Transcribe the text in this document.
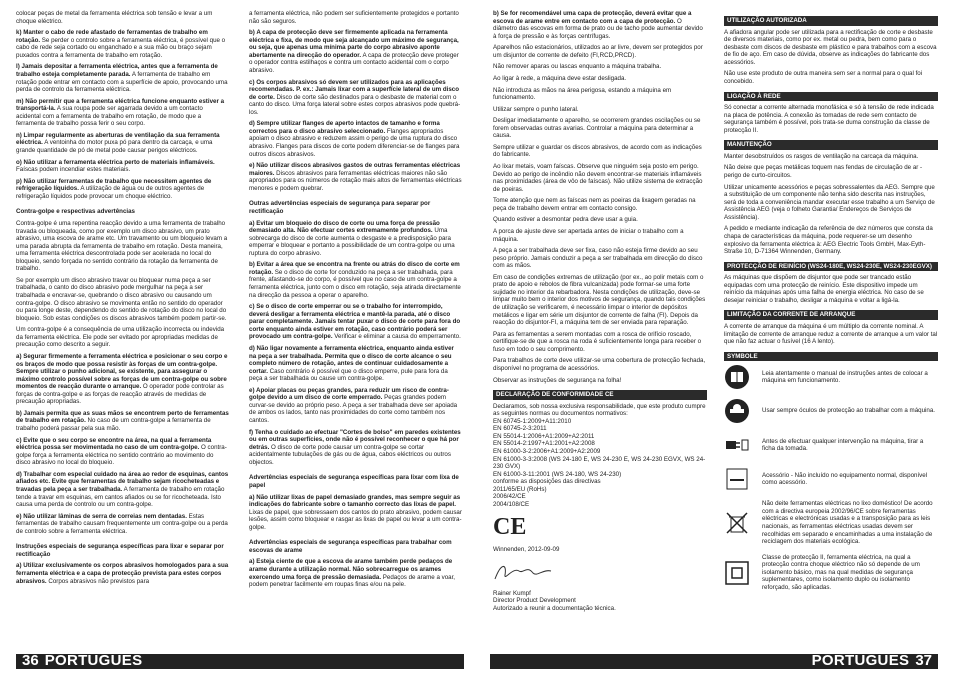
colocar peças de metal da ferramenta eléctrica sob tensão e levar a um choque eléctrico.
k) Manter o cabo de rede afastado de ferramentas de trabalho em rotação. Se perder o controlo sobre a ferramenta eléctrica, é possível que o cabo de rede seja cortado ou enganchado e a sua mão ou braço sejam puxados contra a ferramenta de trabalho em rotação.
l) Jamais depositar a ferramenta eléctrica, antes que a ferramenta de trabalho esteja completamente parada. A ferramenta de trabalho em rotação pode entrar em contacto com a superfície de apoio, provocando uma perda de controlo da ferramenta eléctrica.
m) Não permitir que a ferramenta eléctrica funcione enquanto estiver a transportá-la. A sua roupa pode ser agarrada devido a um contacto acidental com a ferramenta de trabalho em rotação, de modo que a ferramenta de trabalho possa ferir o seu corpo.
n) Limpar regularmente as aberturas de ventilação da sua ferramenta eléctrica. A ventoinha do motor puxa pó para dentro da carcaça, e uma grande quantidade de pó de metal pode causar perigos eléctricos.
o) Não utilizar a ferramenta eléctrica perto de materiais inflamáveis. Faíscas podem incendiar estes materiais.
p) Não utilizar ferramentas de trabalho que necessitem agentes de refrigeração líquidos. A utilização de água ou de outros agentes de refrigeração líquidos pode provocar um choque eléctrico.
Contra-golpe e respectivas advertências
Contra-golpe é uma repentina reacção devido a uma ferramenta de trabalho travada ou bloqueada, como por exemplo um disco abrasivo, um prato abrasivo, uma escova de arame etc. Um travamento ou um bloqueio levam a uma parada abrupta da ferramenta de trabalho em rotação. Desta maneira, uma ferramenta eléctrica descontrolada pode ser acelerada no local do bloqueio, sendo forçada no sentido contrário da rotação da ferramenta de trabalho.
Se por exemplo um disco abrasivo travar ou bloquear numa peça a ser trabalhada, o canto do disco abrasivo pode mergulhar na peça a ser trabalhada e encravar-se, quebrando o disco abrasivo ou causando um contra-golpe. O disco abrasivo se movimenta então no sentido do operador ou para longe deste, dependendo do sentido de rotação do disco no local do bloqueio. Sob estas condições os discos abrasivos também podem partir-se.
Um contra-golpe é a consequência de uma utilização incorrecta ou indevida da ferramenta eléctrica. Ele pode ser evitado por apropriadas medidas de precaução como descrito a seguir.
a) Segurar firmemente a ferramenta eléctrica e posicionar o seu corpo e os braços de modo que possa resistir às forças de um contra-golpe. Sempre utilizar o punho adicional, se existente, para assegurar o máximo controlo possível sobre as forças de um contra-golpe ou sobre momentos de reacção durante o arranque. O operador pode controlar as forças de contra-golpe e as forças de reacção através de medidas de precaução apropriadas.
b) Jamais permita que as suas mãos se encontrem perto de ferramentas de trabalho em rotação. No caso de um contra-golpe a ferramenta de trabalho poderá passar pela sua mão.
c) Evite que o seu corpo se encontre na área, na qual a ferramenta eléctrica possa ser movimentada no caso de um contra-golpe. O contra-golpe força a ferramenta eléctrica no sentido contrário ao movimento do disco abrasivo no local do bloqueio.
d) Trabalhar com especial cuidado na área ao redor de esquinas, cantos afiados etc. Evite que ferramentas de trabalho sejam ricocheteadas e travadas pela peça a ser trabalhada. A ferramenta de trabalho em rotação tende a travar em esquinas, em cantos afiados ou se for ricocheteada. Isto causa uma perda de controlo ou um contra-golpe.
e) Não utilizar lâminas de serra de correias nem dentadas. Estas ferramentas de trabalho causam frequentemente um contra-golpe ou a perda de controlo sobre a ferramenta eléctrica.
Instruções especiais de segurança específicas para lixar e separar por rectificação
a) Utilizar exclusivamente os corpos abrasivos homologados para a sua ferramenta eléctrica e a capa de protecção prevista para estes corpos abrasivos. Corpos abrasivos não previstos para
a ferramenta eléctrica, não podem ser suficientemente protegidos e portanto não são seguros.
b) A capa de protecção deve ser firmemente aplicada na ferramenta eléctrica e fixa, de modo que seja alcançado um máximo de segurança, ou seja, que apenas uma mínima parte do corpo abrasivo aponte abertamente na direcção do operador. A capa de protecção deve proteger o operador contra estilhaços e contra um contacto acidental com o corpo abrasivo.
c) Os corpos abrasivos só devem ser utilizados para as aplicações recomendadas. P. ex.: Jamais lixar com a superfície lateral de um disco de corte. Disco de corte são destinados para o desbaste de material com o canto do disco. Uma força lateral sobre estes corpos abrasivos pode quebrá-los.
d) Sempre utilizar flanges de aperto intactos de tamanho e forma correctos para o disco abrasivo seleccionado. Flanges apropriados apoiam o disco abrasivo e reduzem assim o perigo de uma ruptura do disco abrasivo. Flanges para discos de corte podem diferenciar-se de flanges para outros discos abrasivos.
e) Não utilizar discos abrasivos gastos de outras ferramentas eléctricas maiores. Discos abrasivos para ferramentas eléctricas maiores não são apropriados para os números de rotação mais altos de ferramentas eléctricas menores e podem quebrar.
Outras advertências especiais de segurança para separar por rectificação
a) Evitar um bloqueio do disco de corte ou uma força de pressão demasiado alta. Não efectuar cortes extremamente profundos. Uma sobrecarga do disco de corte aumenta o desgaste e a predisposição para emperrar e bloquear e portanto a possibilidade de um contra-golpe ou uma ruptura do corpo abrasivo.
b) Evitar a área que se encontra na frente ou atrás do disco de corte em rotação. Se o disco de corte for conduzido na peça a ser trabalhada, para frente, afastando-se do corpo, é possível que no caso de um contra-golpe a ferramenta eléctrica, junto com o disco em rotação, seja atirada directamente na direcção da pessoa a operar o aparelho.
c) Se o disco de corte emperrar ou se o trabalho for interrompido, deverá desligar a ferramenta eléctrica e mantê-la parada, até o disco parar completamente. Jamais tentar puxar o disco de corte para fora do corte enquanto ainda estiver em rotação, caso contrário poderá ser provocado um contra-golpe. Verificar e eliminar a causa do emperramento.
d) Não ligar novamente a ferramenta eléctrica, enquanto ainda estiver na peça a ser trabalhada. Permita que o disco de corte alcance o seu completo número de rotação, antes de continuar cuidadosamente a cortar. Caso contrário é possível que o disco emperre, pule para fora da peça a ser trabalhada ou cause um contra-golpe.
e) Apoiar placas ou peças grandes, para reduzir um risco de contra-golpe devido a um disco de corte emperrado. Peças grandes podem curvar-se devido ao próprio peso. A peça a ser trabalhada deve ser apoiada de ambos os lados, tanto nas proximidades do corte como também nos cantos.
f) Tenha o cuidado ao efectuar "Cortes de bolso" em paredes existentes ou em outras superfícies, onde não é possível reconhecer o que há por detrás. O disco de corte pode causar um contra-golpe se cortar acidentalmente tubulações de gás ou de água, cabos eléctricos ou outros objectos.
Advertências especiais de segurança específicas para lixar com lixa de papel
a) Não utilizar lixas de papel demasiado grandes, mas sempre seguir as indicações do fabricante sobre o tamanho correcto das lixas de papel. Lixas de papel, que sobressaem dos cantos do prato abrasivo, podem causar lesões, assim como bloquear e rasgar as lixas de papel ou levar a um contra-golpe.
Advertências especiais de segurança específicas para trabalhar com escovas de arame
a) Esteja ciente de que a escova de arame também perde pedaços de arame durante a utilização normal. Não sobrecarregue os arames exercendo uma força de pressão demasiada. Pedaços de arame a voar, podem penetrar facilmente em roupas finas e/ou na pele.
b) Se for recomendável uma capa de protecção, deverá evitar que a escova de arame entre em contacto com a capa de protecção. O diâmetro das escovas em forma de prato ou de tacho pode aumentar devido à força de pressão e às forças centrífugas.
Aparelhos não estacionários, utilizados ao ar livre, devem ser protegidos por um disjuntor de corrente de defeito (FI,RCD,PRCD).
Não remover aparas ou lascas enquanto a máquina trabalha.
Ao ligar à rede, a máquina deve estar desligada.
Não introduza as mãos na área perigosa, estando a máquina em funcionamento.
Utilizar sempre o punho lateral.
Desligar imediatamente o aparelho, se ocorrerem grandes oscilações ou se forem observadas outras avarias. Controlar a máquina para determinar a causa.
Sempre utilizar e guardar os discos abrasivos, de acordo com as indicações do fabricante.
Ao lixar metais, voam faíscas. Observe que ninguém seja posto em perigo. Devido ao perigo de incêndio não devem encontrar-se materiais inflamáveis nas proximidades (área de vôo de faíscas). Não utilize sistema de extracção de poeiras.
Tome atenção que nem as faíscas nem as poeiras da lixagem geradas na peça de trabalho devem entrar em contacto consigo.
Quando estiver a desmontar pedra deve usar a guia.
A porca de ajuste deve ser apertada antes de iniciar o trabalho com a máquina.
A peça a ser trabalhada deve ser fixa, caso não esteja firme devido ao seu peso próprio. Jamais conduzir a peça a ser trabalhada em direcção do disco com as mãos.
Em caso de condições extremas de utilização (por ex., ao polir metais com o prato de apoio e rebolos de fibra vulcanizada) pode formar-se uma forte sujidade no interior da rebarbadora. Nesta condições de utilização, deve-se limpar muito bem o interior dos motivos de segurança, quando tais condições de utilização se verificarem, é necessário limpar o interior de depósitos metálicos e ligar em série um disjuntor de corrente de falha (FI). Depois da reacção do disjuntor-FI, a máquina tem de ser enviada para reparação.
Para as ferramentas a serem montadas com a rosca de orifício roscado, certifique-se de que a rosca na roda é suficientemente longa para receber o fuso em todo o seu comprimento.
Para trabalhos de corte deve utilizar-se uma cobertura de protecção fechada, disponível no programa de acessórios.
Observar as instruções de segurança na folha!
DECLARAÇÃO DE CONFORMIDADE CE
Declaramos, sob nossa exclusiva responsabilidade, que este produto cumpre as seguintes normas ou documentos normativos:
EN 60745-1:2009+A11:2010
EN 60745-2-3:2011
EN 55014-1:2006+A1:2009+A2:2011
EN 55014-2:1997+A1:2001+A2:2008
EN 61000-3-2:2006+A1:2009+A2:2009
EN 61000-3-3:2008 (WS 24-180 E, WS 24-230 E, WS 24-230 EGVX, WS 24-230 GVX)
EN 61000-3-11:2001 (WS 24-180, WS 24-230)
conforme as disposições das directivas
2011/65/EU (RoHs)
2006/42/CE
2004/108/CE
CE
Winnenden, 2012-09-09
Rainer Kumpf
Director Product Development
Autorizado a reunir a documentação técnica.
UTILIZAÇÃO AUTORIZADA
A afiadora angular pode ser utilizada para a rectificação de corte e desbaste de diversos materiais, como por ex. metal ou pedra, bem como para o desbaste com discos de desbaste em plástico e para trabalhos com a escova de fio de aço. Em caso de dúvida, observe as indicações do fabricante dos acessórios.
Não use este produto de outra maneira sem ser a normal para o qual foi concebido.
LIGAÇÃO À REDE
Só conectar a corrente alternada monofásica e só à tensão de rede indicada na placa de potência. A conexão às tomadas de rede sem contacto de segurança também é possível, pois trata-se duma construção da classe de protecção II.
MANUTENÇÃO
Manter desobstruídos os rasgos de ventilação na carcaça da máquina.
Não deixe que peças metálicas toquem nas fendas de circulação de ar - perigo de curto-circuitos.
Utilizar unicamente acessórios e peças sobressalentes da AEG. Sempre que a substituição de um componente não tenha sido descrita nas instruções, será de toda a conveniência mandar executar esse trabalho a um Serviço de Assistência AEG (veja o folheto Garantia/ Endereços de Serviços de Assistência).
A pedido e mediante indicação da referência de dez números que consta da chapa de características da máquina, pode requerer-se um desenho explosivo da ferramenta eléctrica à: AEG Electric Tools GmbH, Max-Eyth-Straße 10, D-71364 Winnenden, Germany.
PROTECÇÃO DE REINÍCIO (WS24-180E, WS24-230E, WS24-230EGVX)
As máquinas que dispõem de disjuntor que pode ser trancado estão equipadas com uma protecção de reinício. Este dispositivo impede um reinício da máquinas após uma falha de energia eléctrica. No caso de se desejar reiniciar o trabalho, desligar a máquina e voltar a ligá-la.
LIMITAÇÃO DA CORRENTE DE ARRANQUE
A corrente de arranque da máquina é um múltiplo da corrente nominal. A limitação de corrente de arranque reduz a corrente de arranque a um valor tal que não faz actuar o fusível (16 A lento).
SYMBOLE
Leia atentamente o manual de instruções antes de colocar a máquina em funcionamento.
Usar sempre óculos de protecção ao trabalhar com a máquina.
Antes de efectuar qualquer intervenção na máquina, tirar a ficha da tomada.
Acessório - Não incluído no equipamento normal, disponível como acessório.
Não deite ferramentas eléctricas no lixo doméstico! De acordo com a directiva europeia 2002/96/CE sobre ferramentas eléctricas e electrónicas usadas e a transposição para as leis nacionais, as ferramentas eléctricas usadas devem ser recolhidas em separado e encaminhadas a uma instalação de reciclagem dos materiais ecológica.
Classe de protecção II, ferramenta eléctrica, na qual a protecção contra choque eléctrico não só depende de um isolamento básico, mas na qual medidas de segurança suplementares, como isolamento duplo ou isolamento reforçado, são aplicadas.
36 PORTUGUES	PORTUGUES 37
